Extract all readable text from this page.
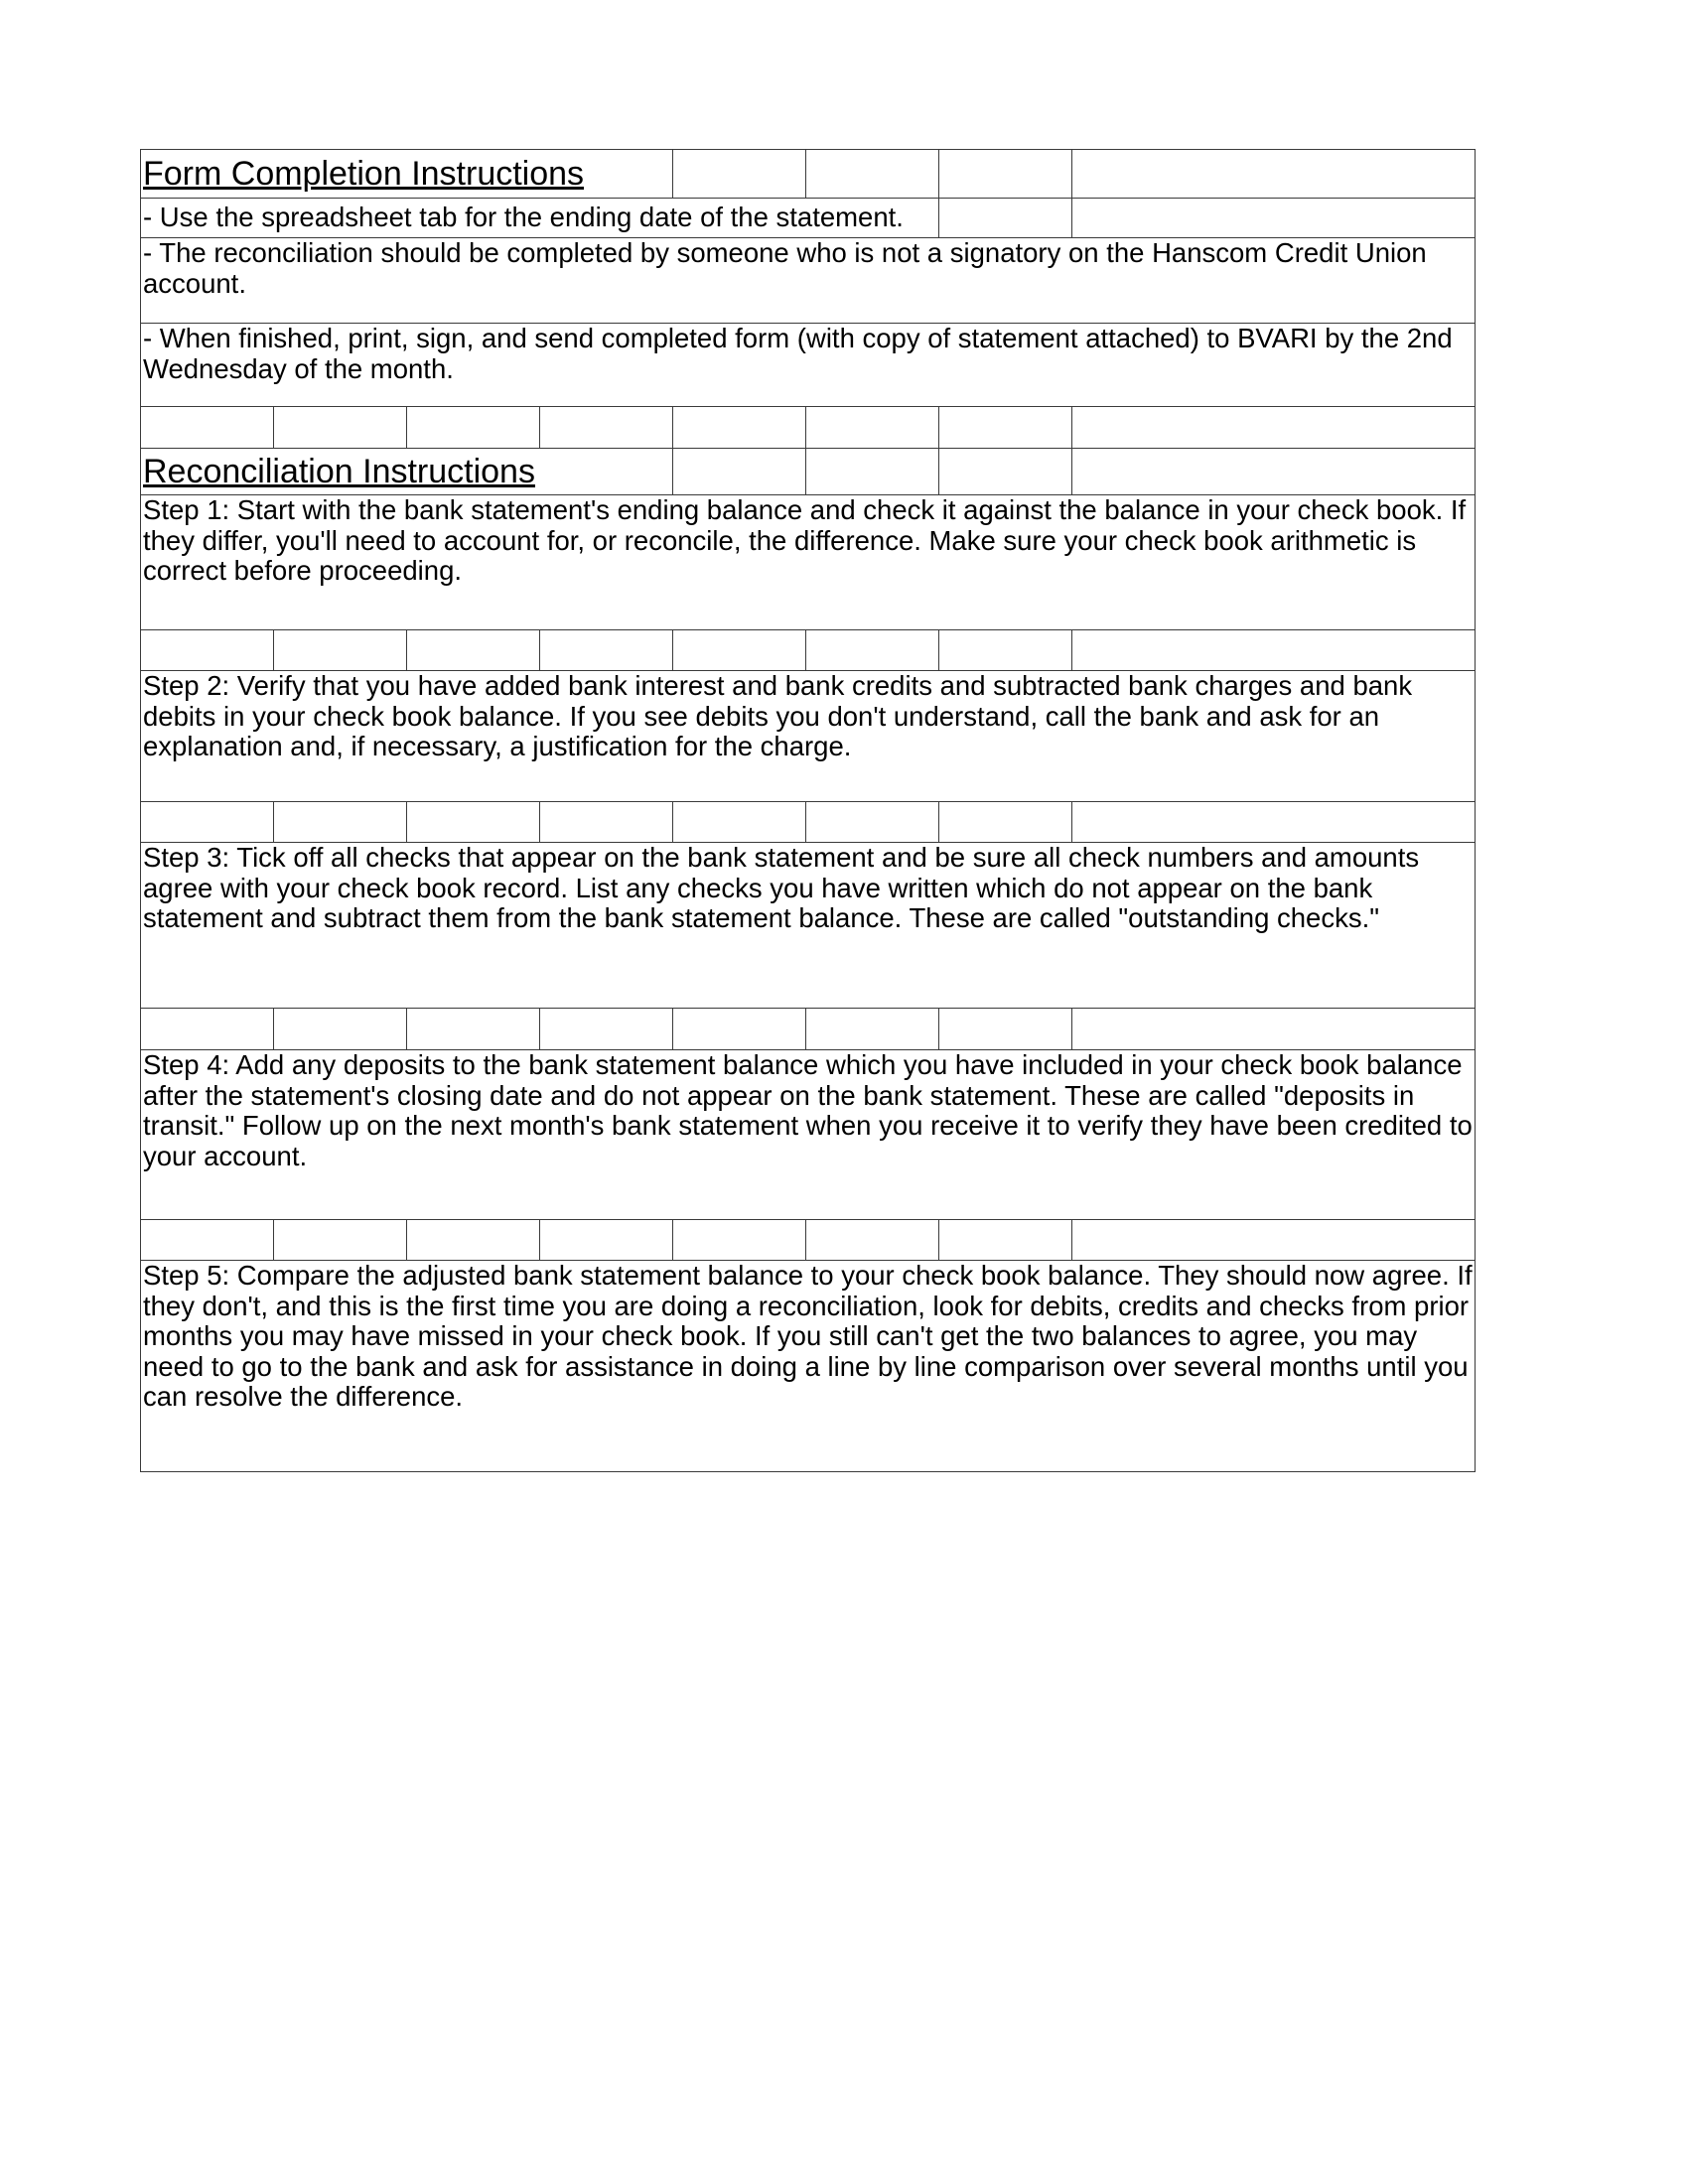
Form Completion Instructions							
- Use the spreadsheet tab for the ending date of the statement.							
- The reconciliation should be completed by someone who is not a signatory on the Hanscom Credit Union account.							
- When finished, print, sign, and send completed form (with copy of statement attached) to BVARI by the 2nd Wednesday of the month.							

Reconciliation Instructions							
Step 1: Start with the bank statement's ending balance and check it against the balance in your check book. If they differ, you'll need to account for, or reconcile, the difference. Make sure your check book arithmetic is correct before proceeding.							

Step 2: Verify that you have added bank interest and bank credits and subtracted bank charges and bank debits in your check book balance. If you see debits you don't understand, call the bank and ask for an explanation and, if necessary, a justification for the charge.							

Step 3: Tick off all checks that appear on the bank statement and be sure all check numbers and amounts agree with your check book record. List any checks you have written which do not appear on the bank statement and subtract them from the bank statement balance. These are called "outstanding checks."							

Step 4: Add any deposits to the bank statement balance which you have included in your check book balance after the statement's closing date and do not appear on the bank statement. These are called "deposits in transit." Follow up on the next month's bank statement when you receive it to verify they have been credited to your account.							

Step 5: Compare the adjusted bank statement balance to your check book balance. They should now agree. If they don't, and this is the first time you are doing a reconciliation, look for debits, credits and checks from prior months you may have missed in your check book. If you still can't get the two balances to agree, you may need to go to the bank and ask for assistance in doing a line by line comparison over several months until you can resolve the difference.							
